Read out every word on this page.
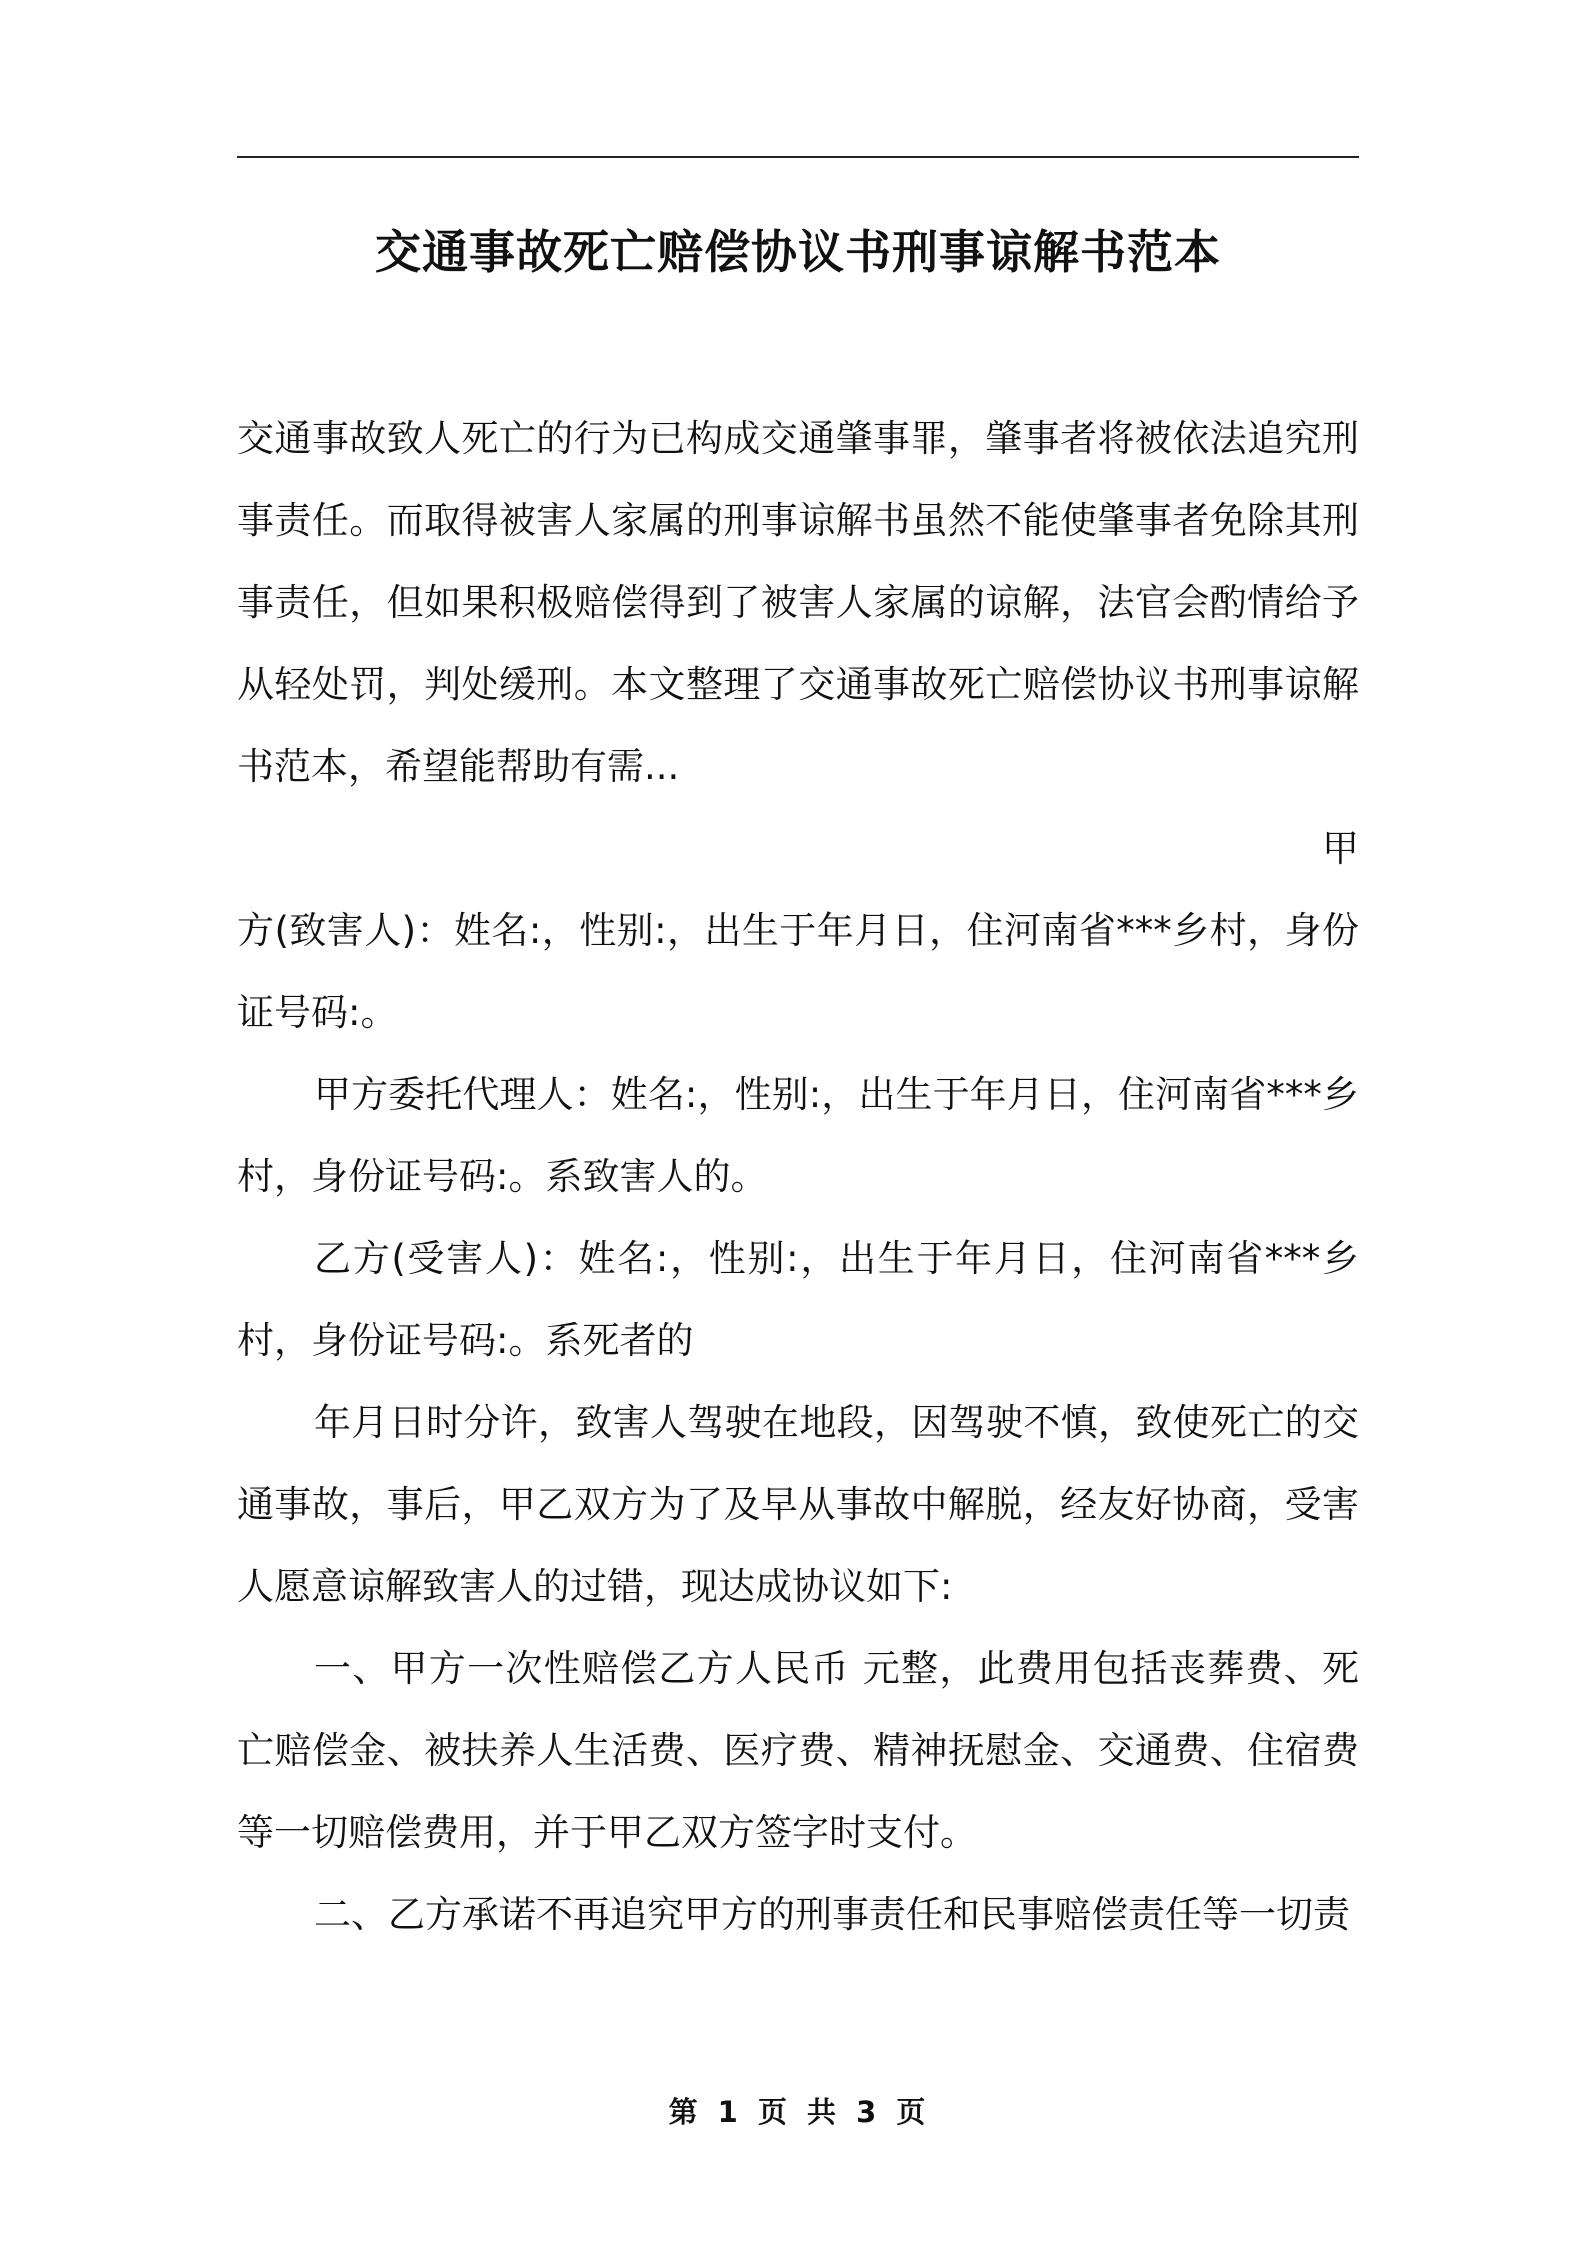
交通事故死亡赔偿协议书刑事谅解书范本

交通事故致人死亡的行为已构成交通肇事罪，肇事者将被依法追究刑事责任。而取得被害人家属的刑事谅解书虽然不能使肇事者免除其刑事责任，但如果积极赔偿得到了被害人家属的谅解，法官会酌情给予从轻处罚，判处缓刑。本文整理了交通事故死亡赔偿协议书刑事谅解书范本，希望能帮助有需...

甲

方(致害人)：姓名:，性别:，出生于年月日，住河南省***乡村，身份证号码:。

甲方委托代理人：姓名:，性别:，出生于年月日，住河南省***乡村，身份证号码:。系致害人的。

乙方(受害人)：姓名:，性别:，出生于年月日，住河南省***乡村，身份证号码:。系死者的

年月日时分许，致害人驾驶在地段，因驾驶不慎，致使死亡的交通事故，事后，甲乙双方为了及早从事故中解脱，经友好协商，受害人愿意谅解致害人的过错，现达成协议如下:

一、甲方一次性赔偿乙方人民币 元整，此费用包括丧葬费、死亡赔偿金、被扶养人生活费、医疗费、精神抚慰金、交通费、住宿费等一切赔偿费用，并于甲乙双方签字时支付。

二、乙方承诺不再追究甲方的刑事责任和民事赔偿责任等一切责

第 1 页 共 3 页
